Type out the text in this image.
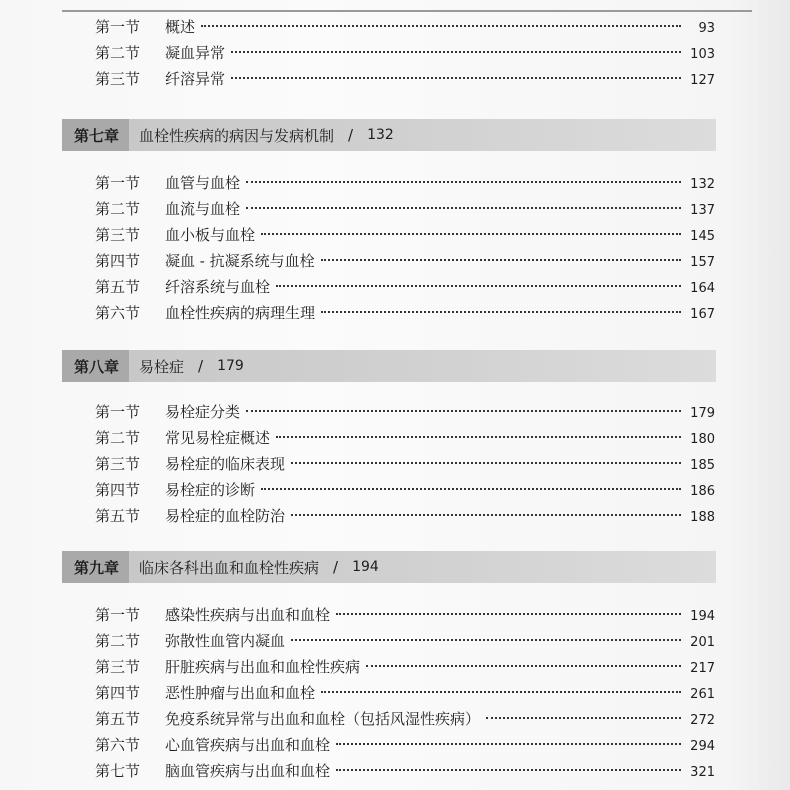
第一节	概述	93
第二节	凝血异常	103
第三节	纤溶异常	127
第七章	血栓性疾病的病因与发病机制 / 132
第一节	血管与血栓	132
第二节	血流与血栓	137
第三节	血小板与血栓	145
第四节	凝血 - 抗凝系统与血栓	157
第五节	纤溶系统与血栓	164
第六节	血栓性疾病的病理生理	167
第八章	易栓症 / 179
第一节	易栓症分类	179
第二节	常见易栓症概述	180
第三节	易栓症的临床表现	185
第四节	易栓症的诊断	186
第五节	易栓症的血栓防治	188
第九章	临床各科出血和血栓性疾病 / 194
第一节	感染性疾病与出血和血栓	194
第二节	弥散性血管内凝血	201
第三节	肝脏疾病与出血和血栓性疾病	217
第四节	恶性肿瘤与出血和血栓	261
第五节	免疫系统异常与出血和血栓（包括风湿性疾病）	272
第六节	心血管疾病与出血和血栓	294
第七节	脑血管疾病与出血和血栓	321
